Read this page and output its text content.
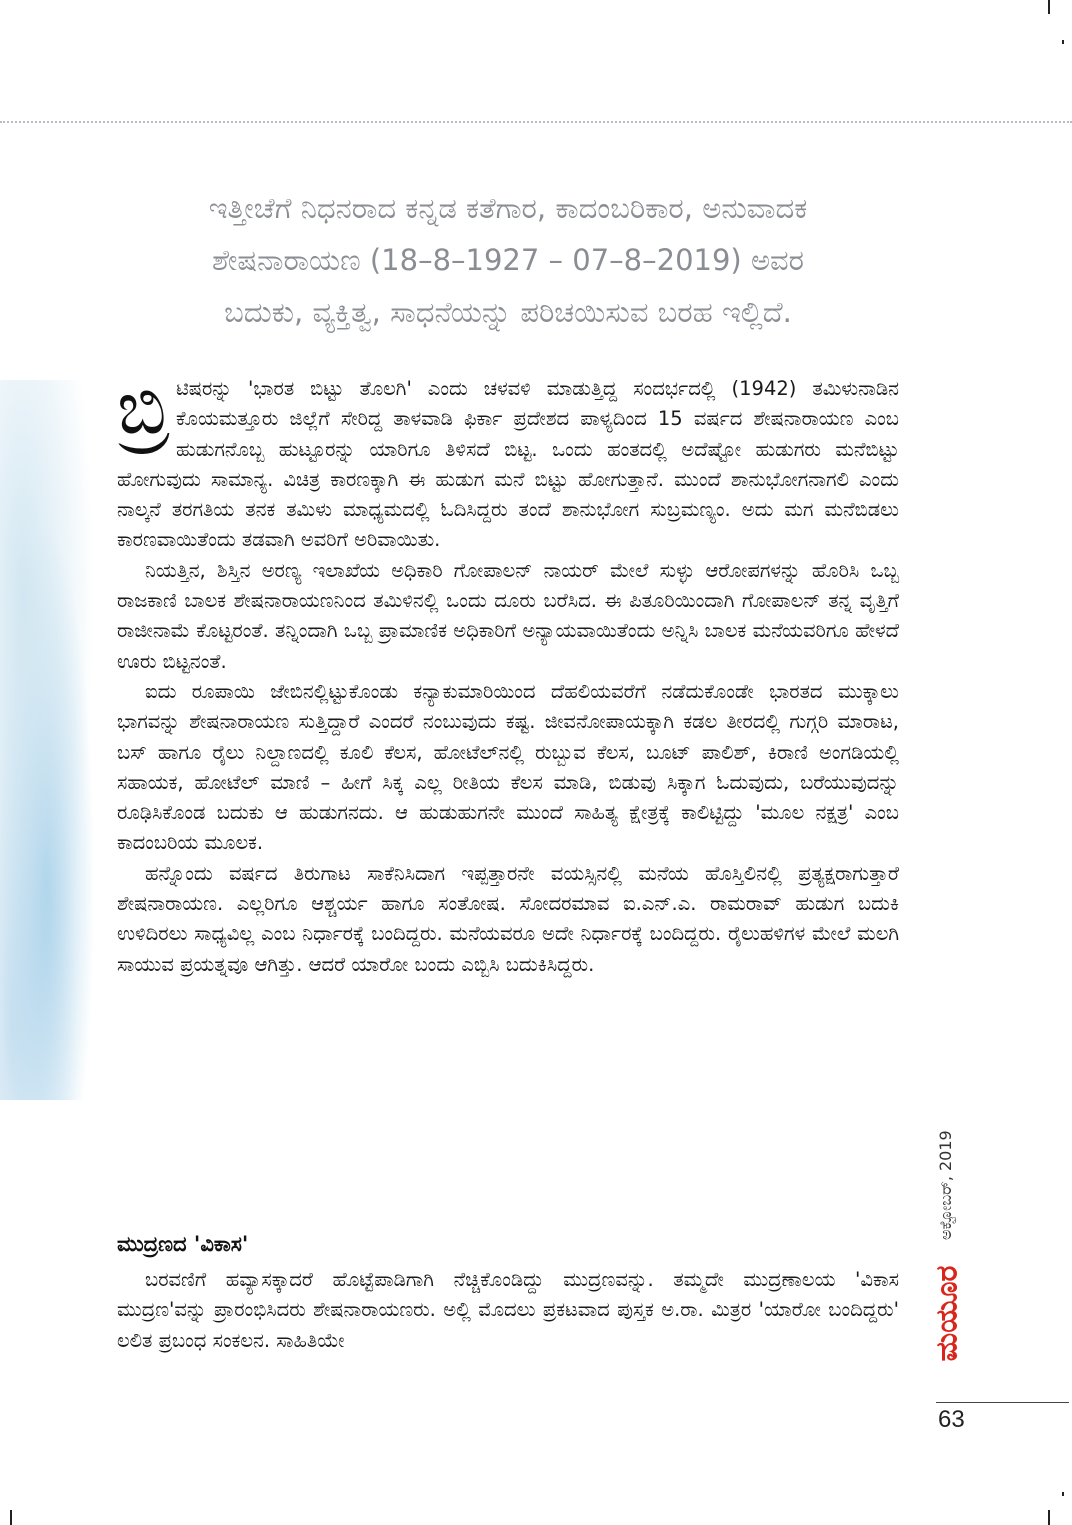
ಇತ್ತೀಚೆಗೆ ನಿಧನರಾದ ಕನ್ನಡ ಕತೆಗಾರ, ಕಾದಂಬರಿಕಾರ, ಅನುವಾದಕ

ಶೇಷನಾರಾಯಣ (18–8–1927 – 07–8–2019) ಅವರ

ಬದುಕು, ವ್ಯಕ್ತಿತ್ವ, ಸಾಧನೆಯನ್ನು ಪರಿಚಯಿಸುವ ಬರಹ ಇಲ್ಲಿದೆ.

ಬ್ರಿ ಟಿಷರನ್ನು 'ಭಾರತ ಬಿಟ್ಟು ತೊಲಗಿ' ಎಂದು ಚಳವಳಿ ಮಾಡುತ್ತಿದ್ದ ಸಂದರ್ಭದಲ್ಲಿ (1942) ತಮಿಳುನಾಡಿನ ಕೊಯಮತ್ತೂರು ಜಿಲ್ಲೆಗೆ ಸೇರಿದ್ದ ತಾಳವಾಡಿ ಫಿರ್ಕಾ ಪ್ರದೇಶದ ಪಾಳ್ಯದಿಂದ 15 ವರ್ಷದ ಶೇಷನಾರಾಯಣ ಎಂಬ ಹುಡುಗನೊಬ್ಬ ಹುಟ್ಟೂರನ್ನು ಯಾರಿಗೂ ತಿಳಿಸದೆ ಬಿಟ್ಟ. ಒಂದು ಹಂತದಲ್ಲಿ ಅದೆಷ್ಟೋ ಹುಡುಗರು ಮನೆಬಿಟ್ಟು ಹೋಗುವುದು ಸಾಮಾನ್ಯ. ವಿಚಿತ್ರ ಕಾರಣಕ್ಕಾಗಿ ಈ ಹುಡುಗ ಮನೆ ಬಿಟ್ಟು ಹೋಗುತ್ತಾನೆ. ಮುಂದೆ ಶಾನುಭೋಗನಾಗಲಿ ಎಂದು ನಾಲ್ಕನೆ ತರಗತಿಯ ತನಕ ತಮಿಳು ಮಾಧ್ಯಮದಲ್ಲಿ ಓದಿಸಿದ್ದರು ತಂದೆ ಶಾನುಭೋಗ ಸುಬ್ರಮಣ್ಯಂ. ಅದು ಮಗ ಮನೆಬಿಡಲು ಕಾರಣವಾಯಿತೆಂದು ತಡವಾಗಿ ಅವರಿಗೆ ಅರಿವಾಯಿತು.

ನಿಯತ್ತಿನ, ಶಿಸ್ತಿನ ಅರಣ್ಯ ಇಲಾಖೆಯ ಅಧಿಕಾರಿ ಗೋಪಾಲನ್ ನಾಯರ್ ಮೇಲೆ ಸುಳ್ಳು ಆರೋಪಗಳನ್ನು ಹೊರಿಸಿ ಒಬ್ಬ ರಾಜಕಾಣಿ ಬಾಲಕ ಶೇಷನಾರಾಯಣನಿಂದ ತಮಿಳಿನಲ್ಲಿ ಒಂದು ದೂರು ಬರೆಸಿದ. ಈ ಪಿತೂರಿಯಿಂದಾಗಿ ಗೋಪಾಲನ್ ತನ್ನ ವೃತ್ತಿಗೆ ರಾಜೀನಾಮೆ ಕೊಟ್ಟರಂತೆ. ತನ್ನಿಂದಾಗಿ ಒಬ್ಬ ಪ್ರಾಮಾಣಿಕ ಅಧಿಕಾರಿಗೆ ಅನ್ಯಾಯವಾಯಿತೆಂದು ಅನ್ನಿಸಿ ಬಾಲಕ ಮನೆಯವರಿಗೂ ಹೇಳದೆ ಊರು ಬಿಟ್ಟನಂತೆ.

ಐದು ರೂಪಾಯಿ ಜೇಬಿನಲ್ಲಿಟ್ಟುಕೊಂಡು ಕನ್ಯಾಕುಮಾರಿಯಿಂದ ದೆಹಲಿಯವರೆಗೆ ನಡೆದುಕೊಂಡೇ ಭಾರತದ ಮುಕ್ಕಾಲು ಭಾಗವನ್ನು ಶೇಷನಾರಾಯಣ ಸುತ್ತಿದ್ದಾರೆ ಎಂದರೆ ನಂಬುವುದು ಕಷ್ಟ. ಜೀವನೋಪಾಯಕ್ಕಾಗಿ ಕಡಲ ತೀರದಲ್ಲಿ ಗುಗ್ಗರಿ ಮಾರಾಟ, ಬಸ್ ಹಾಗೂ ರೈಲು ನಿಲ್ದಾಣದಲ್ಲಿ ಕೂಲಿ ಕೆಲಸ, ಹೋಟೆಲ್‌ನಲ್ಲಿ ರುಬ್ಬುವ ಕೆಲಸ, ಬೂಟ್ ಪಾಲಿಶ್, ಕಿರಾಣಿ ಅಂಗಡಿಯಲ್ಲಿ ಸಹಾಯಕ, ಹೋಟೆಲ್ ಮಾಣಿ – ಹೀಗೆ ಸಿಕ್ಕ ಎಲ್ಲ ರೀತಿಯ ಕೆಲಸ ಮಾಡಿ, ಬಿಡುವು ಸಿಕ್ಕಾಗ ಓದುವುದು, ಬರೆಯುವುದನ್ನು ರೂಢಿಸಿಕೊಂಡ ಬದುಕು ಆ ಹುಡುಗನದು. ಆ ಹುಡುಹುಗನೇ ಮುಂದೆ ಸಾಹಿತ್ಯ ಕ್ಷೇತ್ರಕ್ಕೆ ಕಾಲಿಟ್ಟಿದ್ದು 'ಮೂಲ ನಕ್ಷತ್ರ' ಎಂಬ ಕಾದಂಬರಿಯ ಮೂಲಕ.

ಹನ್ನೊಂದು ವರ್ಷದ ತಿರುಗಾಟ ಸಾಕೆನಿಸಿದಾಗ ಇಪ್ಪತ್ತಾರನೇ ವಯಸ್ಸಿನಲ್ಲಿ ಮನೆಯ ಹೊಸ್ತಿಲಿನಲ್ಲಿ ಪ್ರತ್ಯಕ್ಷರಾಗುತ್ತಾರೆ ಶೇಷನಾರಾಯಣ. ಎಲ್ಲರಿಗೂ ಆಶ್ಚರ್ಯ ಹಾಗೂ ಸಂತೋಷ. ಸೋದರಮಾವ ಐ.ಎನ್.ಎ. ರಾಮರಾವ್ ಹುಡುಗ ಬದುಕಿ ಉಳಿದಿರಲು ಸಾಧ್ಯವಿಲ್ಲ ಎಂಬ ನಿರ್ಧಾರಕ್ಕೆ ಬಂದಿದ್ದರು. ಮನೆಯವರೂ ಅದೇ ನಿರ್ಧಾರಕ್ಕೆ ಬಂದಿದ್ದರು. ರೈಲುಹಳಿಗಳ ಮೇಲೆ ಮಲಗಿ ಸಾಯುವ ಪ್ರಯತ್ನವೂ ಆಗಿತ್ತು. ಆದರೆ ಯಾರೋ ಬಂದು ಎಬ್ಬಿಸಿ ಬದುಕಿಸಿದ್ದರು.

ಮುದ್ರಣದ 'ವಿಕಾಸ'

ಬರವಣಿಗೆ ಹವ್ಯಾಸಕ್ಕಾದರೆ ಹೊಟ್ಟೆಪಾಡಿಗಾಗಿ ನೆಚ್ಚಿಕೊಂಡಿದ್ದು ಮುದ್ರಣವನ್ನು. ತಮ್ಮದೇ ಮುದ್ರಣಾಲಯ 'ವಿಕಾಸ ಮುದ್ರಣ'ವನ್ನು ಪ್ರಾರಂಭಿಸಿದರು ಶೇಷನಾರಾಯಣರು. ಅಲ್ಲಿ ಮೊದಲು ಪ್ರಕಟವಾದ ಪುಸ್ತಕ ಅ.ರಾ. ಮಿತ್ರರ 'ಯಾರೋ ಬಂದಿದ್ದರು' ಲಲಿತ ಪ್ರಬಂಧ ಸಂಕಲನ. ಸಾಹಿತಿಯೇ

ಅಕ್ಟೋಬರ್, 2019
ಮಯೂರ
63
